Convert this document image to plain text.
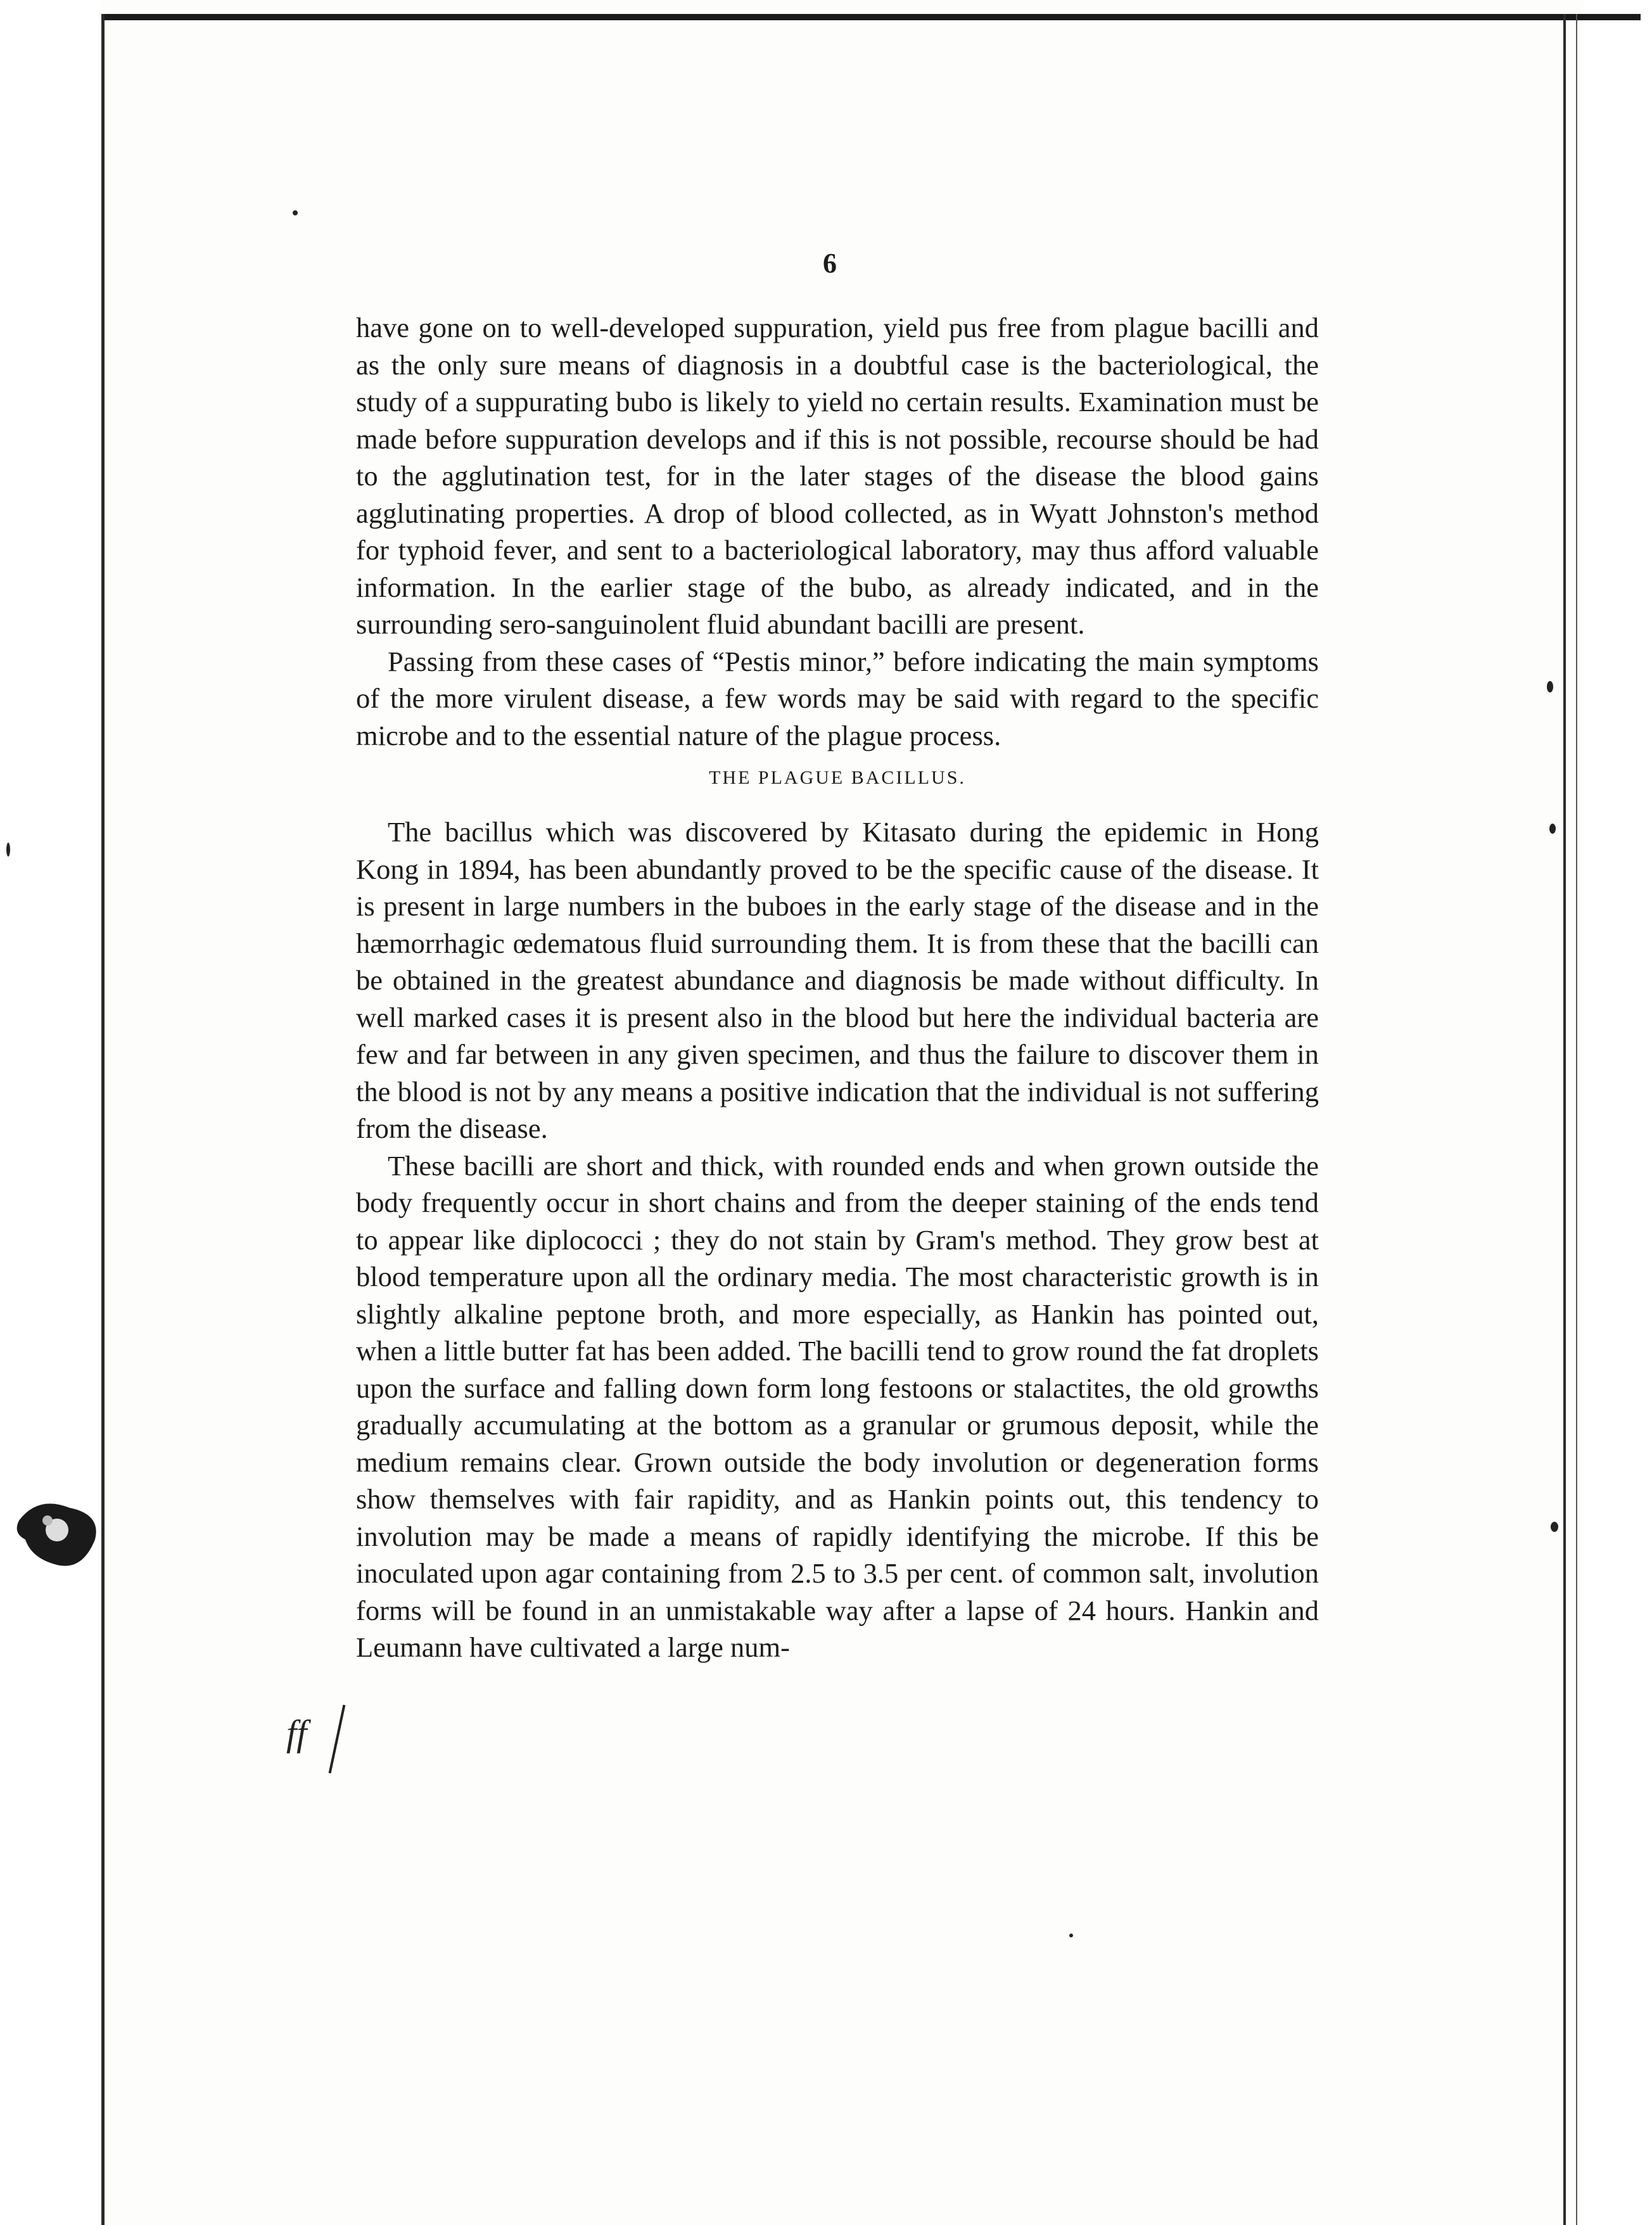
6

have gone on to well-developed suppuration, yield pus free from plague bacilli and as the only sure means of diagnosis in a doubtful case is the bacteriological, the study of a suppurating bubo is likely to yield no certain results. Examination must be made before suppuration develops and if this is not possible, recourse should be had to the agglutination test, for in the later stages of the disease the blood gains agglutinating properties. A drop of blood collected, as in Wyatt Johnston's method for typhoid fever, and sent to a bacteriological laboratory, may thus afford valuable information. In the earlier stage of the bubo, as already indicated, and in the surrounding sero-sanguinolent fluid abundant bacilli are present.

Passing from these cases of “Pestis minor,” before indicating the main symptoms of the more virulent disease, a few words may be said with regard to the specific microbe and to the essential nature of the plague process.

THE PLAGUE BACILLUS.

The bacillus which was discovered by Kitasato during the epidemic in Hong Kong in 1894, has been abundantly proved to be the specific cause of the disease. It is present in large numbers in the buboes in the early stage of the disease and in the hæmorrhagic œdematous fluid surrounding them. It is from these that the bacilli can be obtained in the greatest abundance and diagnosis be made without difficulty. In well marked cases it is present also in the blood but here the individual bacteria are few and far between in any given specimen, and thus the failure to discover them in the blood is not by any means a positive indication that the individual is not suffering from the disease.

These bacilli are short and thick, with rounded ends and when grown outside the body frequently occur in short chains and from the deeper staining of the ends tend to appear like diplococci ; they do not stain by Gram's method. They grow best at blood temperature upon all the ordinary media. The most characteristic growth is in slightly alkaline peptone broth, and more especially, as Hankin has pointed out, when a little butter fat has been added. The bacilli tend to grow round the fat droplets upon the surface and falling down form long festoons or stalactites, the old growths gradually accumulating at the bottom as a granular or grumous deposit, while the medium remains clear. Grown outside the body involution or degeneration forms show themselves with fair rapidity, and as Hankin points out, this tendency to involution may be made a means of rapidly identifying the microbe. If this be inoculated upon agar containing from 2.5 to 3.5 per cent. of common salt, involution forms will be found in an unmistakable way after a lapse of 24 hours. Hankin and Leumann have cultivated a large num-

ff
